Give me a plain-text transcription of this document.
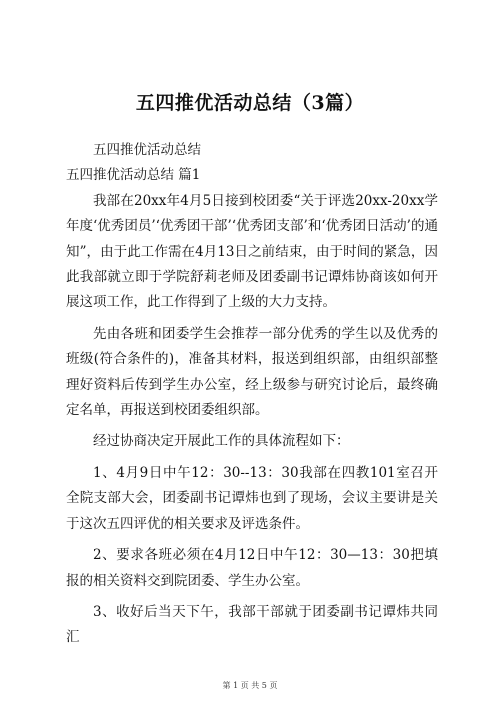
五四推优活动总结（3篇）

五四推优活动总结

五四推优活动总结 篇1

我部在20xx年4月5日接到校团委“关于评选20xx-20xx学年度‘优秀团员’‘优秀团干部’‘优秀团支部’和‘优秀团日活动’的通知”，由于此工作需在4月13日之前结束，由于时间的紧急，因此我部就立即于学院舒莉老师及团委副书记谭炜协商该如何开展这项工作，此工作得到了上级的大力支持。

先由各班和团委学生会推荐一部分优秀的学生以及优秀的班级(符合条件的)，准备其材料，报送到组织部，由组织部整理好资料后传到学生办公室，经上级参与研究讨论后，最终确定名单，再报送到校团委组织部。

经过协商决定开展此工作的具体流程如下：

1、4月9日中午12：30--13：30我部在四教101室召开全院支部大会，团委副书记谭炜也到了现场，会议主要讲是关于这次五四评优的相关要求及评选条件。

2、要求各班必须在4月12日中午12：30—13：30把填报的相关资料交到院团委、学生办公室。

3、收好后当天下午，我部干部就于团委副书记谭炜共同汇

第 1 页 共 5 页
